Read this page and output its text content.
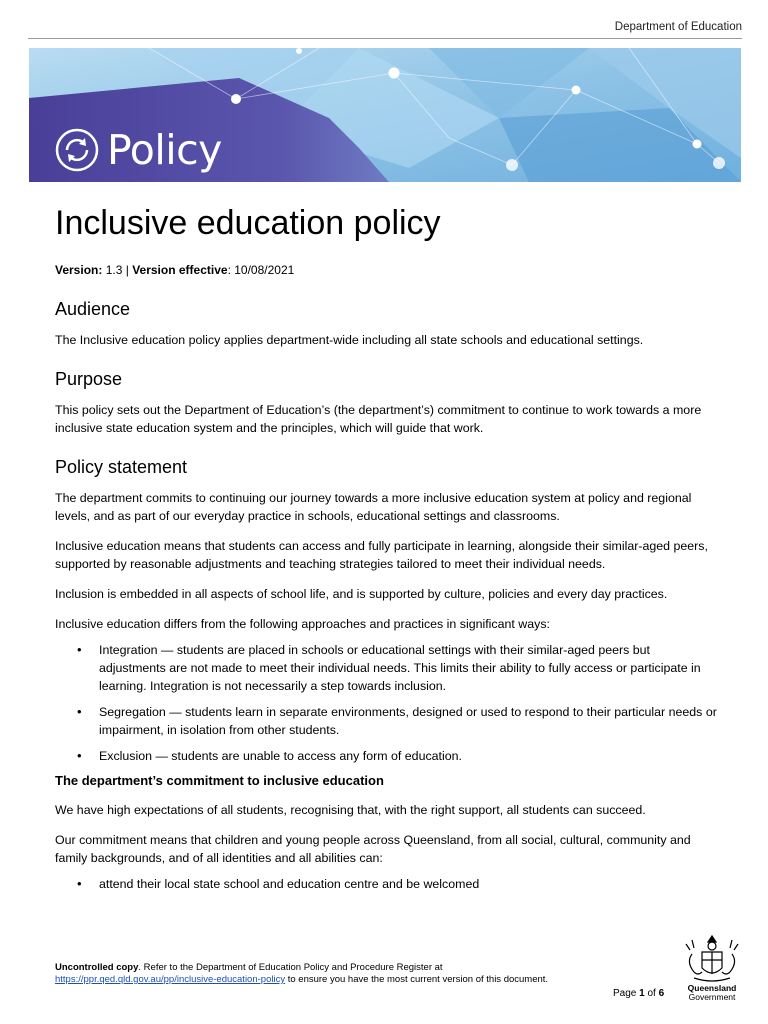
Department of Education
Policy
Inclusive education policy
Version: 1.3 | Version effective: 10/08/2021
Audience

The Inclusive education policy applies department-wide including all state schools and educational settings.

Purpose

This policy sets out the Department of Education’s (the department’s) commitment to continue to work towards a more inclusive state education system and the principles, which will guide that work.

Policy statement

The department commits to continuing our journey towards a more inclusive education system at policy and regional levels, and as part of our everyday practice in schools, educational settings and classrooms.

Inclusive education means that students can access and fully participate in learning, alongside their similar-aged peers, supported by reasonable adjustments and teaching strategies tailored to meet their individual needs.

Inclusion is embedded in all aspects of school life, and is supported by culture, policies and every day practices.

Inclusive education differs from the following approaches and practices in significant ways:

• Integration — students are placed in schools or educational settings with their similar-aged peers but adjustments are not made to meet their individual needs. This limits their ability to fully access or participate in learning. Integration is not necessarily a step towards inclusion.
• Segregation — students learn in separate environments, designed or used to respond to their particular needs or impairment, in isolation from other students.
• Exclusion — students are unable to access any form of education.
The department’s commitment to inclusive education

We have high expectations of all students, recognising that, with the right support, all students can succeed.

Our commitment means that children and young people across Queensland, from all social, cultural, community and family backgrounds, and of all identities and all abilities can:

• attend their local state school and education centre and be welcomed
Uncontrolled copy. Refer to the Department of Education Policy and Procedure Register at
https://ppr.qed.qld.gov.au/pp/inclusive-education-policy to ensure you have the most current version of this document.
Page 1 of 6	Queensland
Government
